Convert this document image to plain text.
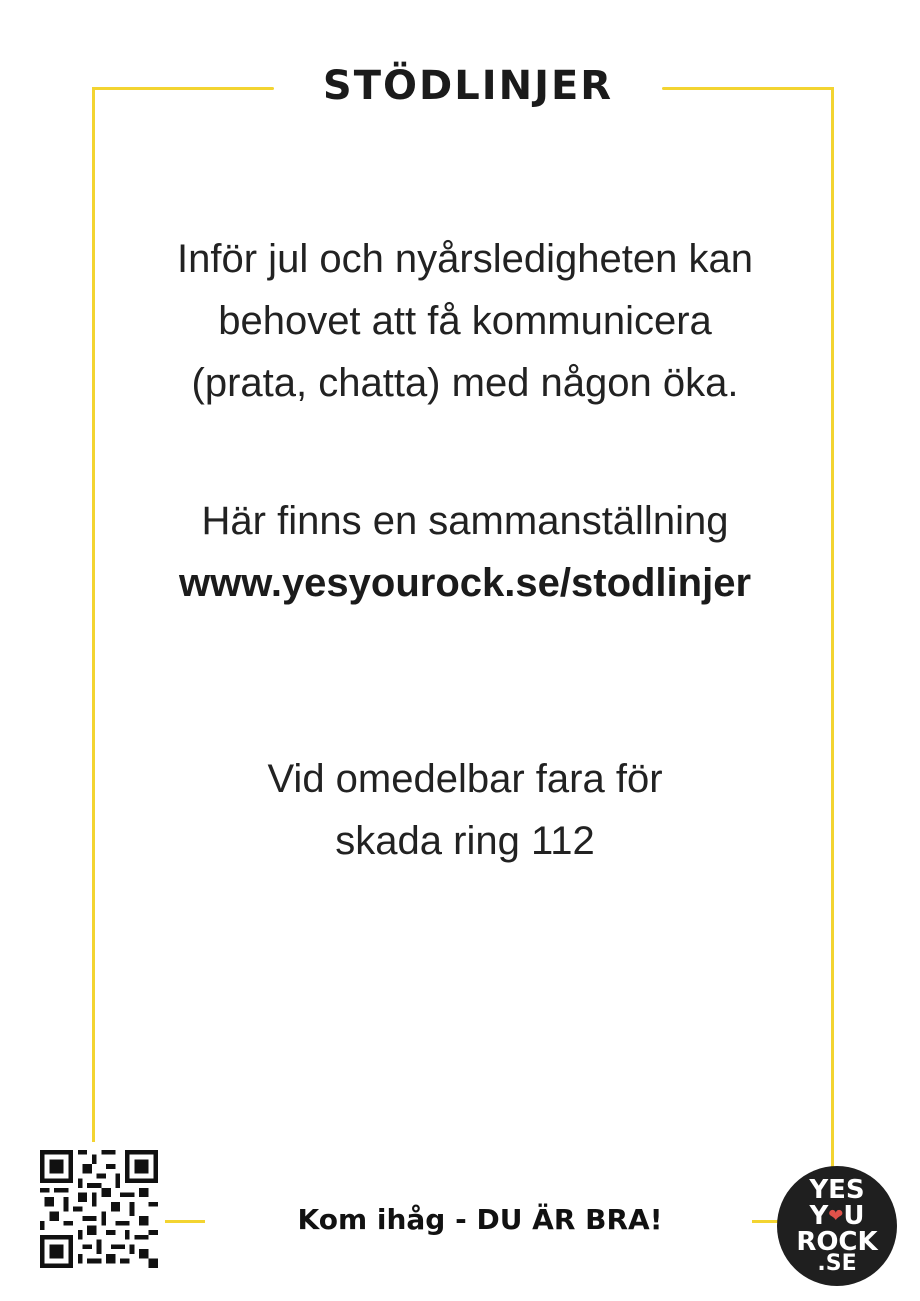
STÖDLINJER
Inför jul och nyårsledigheten kan
behovet att få kommunicera
(prata, chatta) med någon öka.
Här finns en sammanställning
www.yesyourock.se/stodlinjer
Vid omedelbar fara för
skada ring 112
Kom ihåg - DU ÄR BRA!
YES
Y❤U
ROCK
.SE
